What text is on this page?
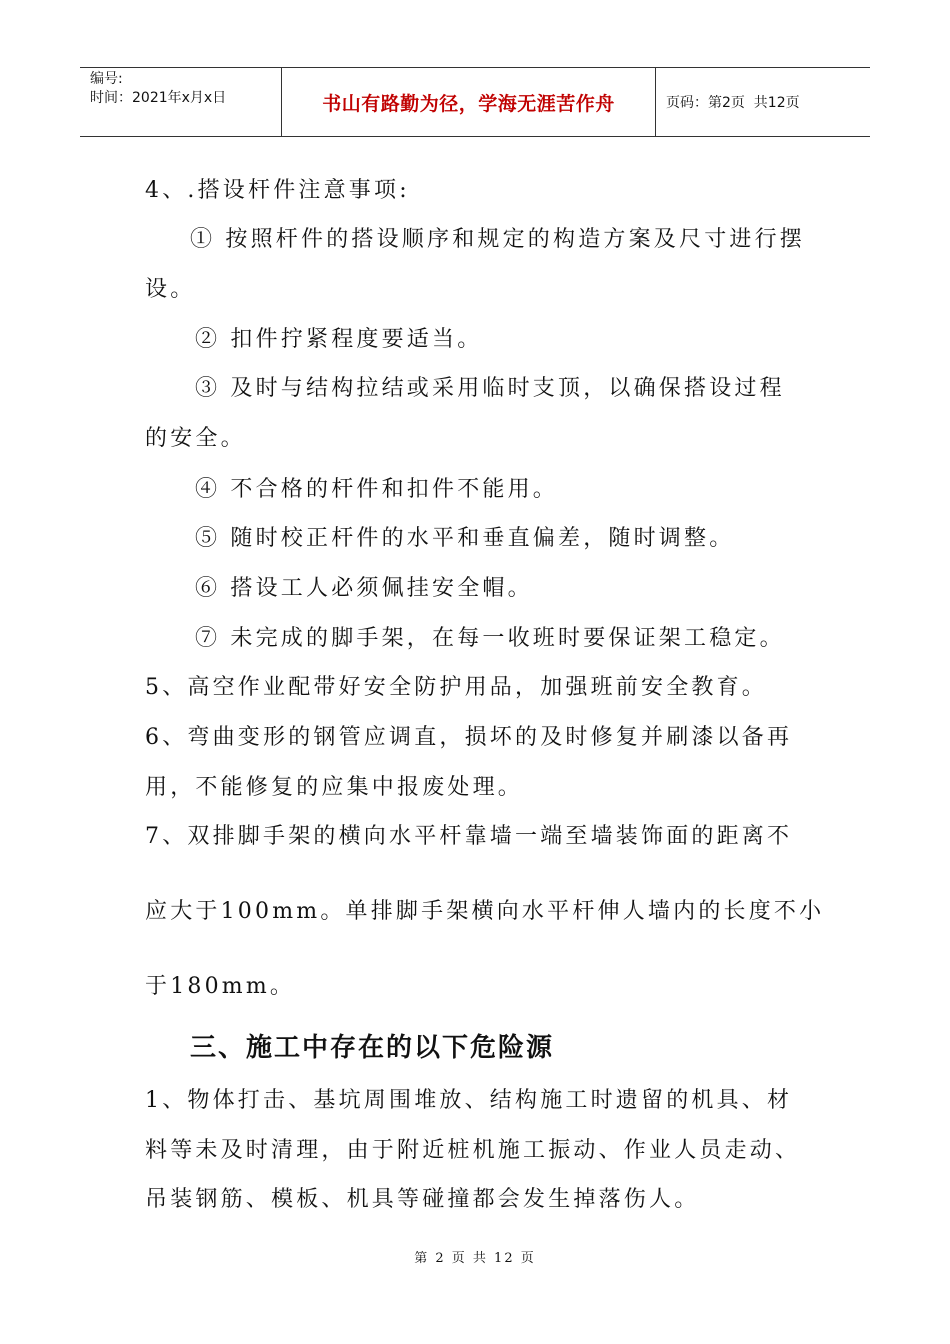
编号:
时间：2021年x月x日	书山有路勤为径，学海无涯苦作舟	页码：第2页  共12页
4、.搭设杆件注意事项:
① 按照杆件的搭设顺序和规定的构造方案及尺寸进行摆
设。
② 扣件拧紧程度要适当。
③ 及时与结构拉结或采用临时支顶，以确保搭设过程
的安全。
④ 不合格的杆件和扣件不能用。
⑤ 随时校正杆件的水平和垂直偏差，随时调整。
⑥ 搭设工人必须佩挂安全帽。
⑦ 未完成的脚手架，在每一收班时要保证架工稳定。
5、高空作业配带好安全防护用品，加强班前安全教育。
6、弯曲变形的钢管应调直，损坏的及时修复并刷漆以备再
用，不能修复的应集中报废处理。
7、双排脚手架的横向水平杆靠墙一端至墙装饰面的距离不
应大于100mm。单排脚手架横向水平杆伸人墙内的长度不小
于180mm。
三、施工中存在的以下危险源
1、物体打击、基坑周围堆放、结构施工时遗留的机具、材
料等未及时清理，由于附近桩机施工振动、作业人员走动、
吊装钢筋、模板、机具等碰撞都会发生掉落伤人。
第 2 页 共 12 页
